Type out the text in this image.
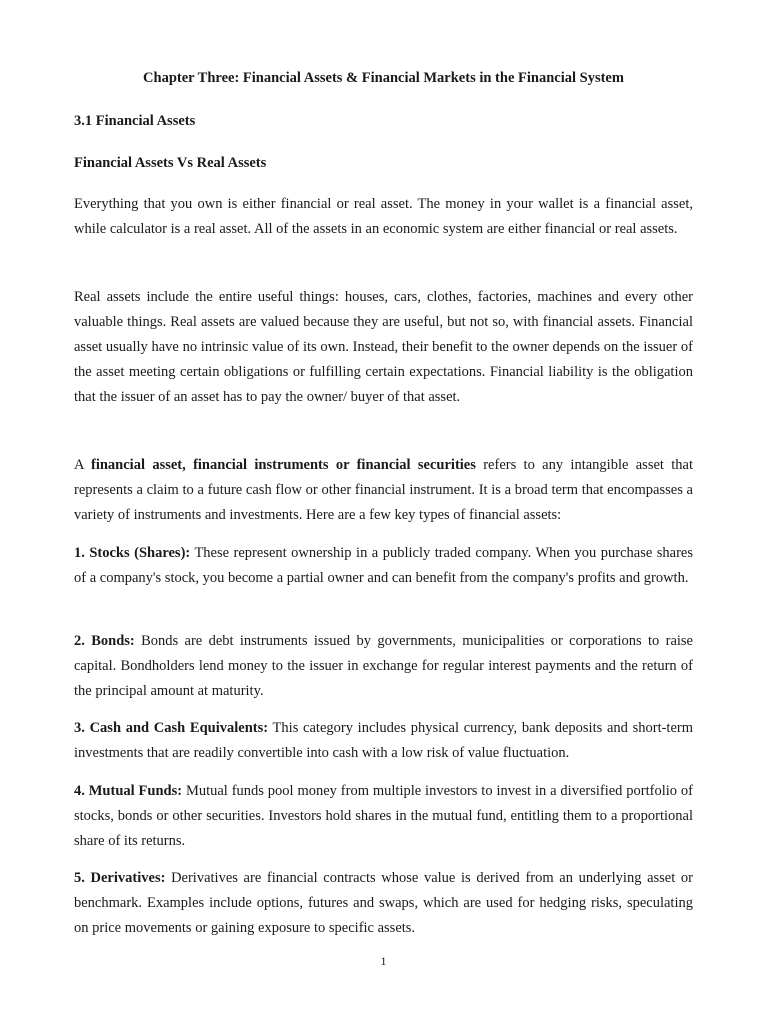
Chapter Three: Financial Assets & Financial Markets in the Financial System
3.1 Financial Assets
Financial Assets Vs Real Assets

Everything that you own is either financial or real asset. The money in your wallet is a financial asset, while calculator is a real asset. All of the assets in an economic system are either financial or real assets.

Real assets include the entire useful things: houses, cars, clothes, factories, machines and every other valuable things. Real assets are valued because they are useful, but not so, with financial assets. Financial asset usually have no intrinsic value of its own. Instead, their benefit to the owner depends on the issuer of the asset meeting certain obligations or fulfilling certain expectations. Financial liability is the obligation that the issuer of an asset has to pay the owner/ buyer of that asset.

A financial asset, financial instruments or financial securities refers to any intangible asset that represents a claim to a future cash flow or other financial instrument. It is a broad term that encompasses a variety of instruments and investments. Here are a few key types of financial assets:

1. Stocks (Shares): These represent ownership in a publicly traded company. When you purchase shares of a company's stock, you become a partial owner and can benefit from the company's profits and growth.

2. Bonds: Bonds are debt instruments issued by governments, municipalities or corporations to raise capital. Bondholders lend money to the issuer in exchange for regular interest payments and the return of the principal amount at maturity.

3. Cash and Cash Equivalents: This category includes physical currency, bank deposits and short-term investments that are readily convertible into cash with a low risk of value fluctuation.

4. Mutual Funds: Mutual funds pool money from multiple investors to invest in a diversified portfolio of stocks, bonds or other securities. Investors hold shares in the mutual fund, entitling them to a proportional share of its returns.

5. Derivatives: Derivatives are financial contracts whose value is derived from an underlying asset or benchmark. Examples include options, futures and swaps, which are used for hedging risks, speculating on price movements or gaining exposure to specific assets.

1
